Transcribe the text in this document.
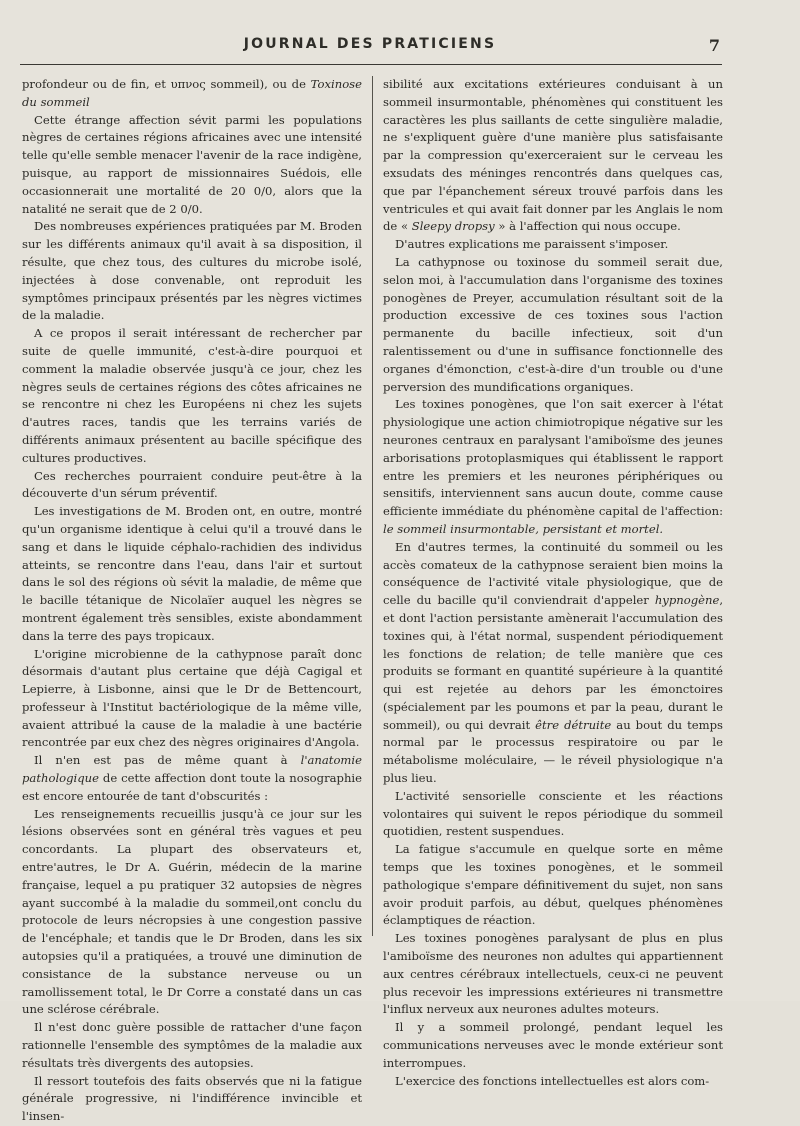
JOURNAL DES PRATICIENS	7

profondeur ou de fin, et υπνος sommeil), ou de Toxinose du sommeil

Cette étrange affection sévit parmi les populations nègres de certaines régions africaines avec une intensité telle qu'elle semble menacer l'avenir de la race indigène, puisque, au rapport de missionnaires Suédois, elle occasionnerait une mortalité de 20 0/0, alors que la natalité ne serait que de 2 0/0.

Des nombreuses expériences pratiquées par M. Broden sur les différents animaux qu'il avait à sa disposition, il résulte, que chez tous, des cultures du microbe isolé, injectées à dose convenable, ont reproduit les symptômes principaux présentés par les nègres victimes de la maladie.

A ce propos il serait intéressant de rechercher par suite de quelle immunité, c'est-à-dire pourquoi et comment la maladie observée jusqu'à ce jour, chez les nègres seuls de certaines régions des côtes africaines ne se rencontre ni chez les Européens ni chez les sujets d'autres races, tandis que les terrains variés de différents animaux présentent au bacille spécifique des cultures productives.

Ces recherches pourraient conduire peut-être à la découverte d'un sérum préventif.

Les investigations de M. Broden ont, en outre, montré qu'un organisme identique à celui qu'il a trouvé dans le sang et dans le liquide céphalo-rachidien des individus atteints, se rencontre dans l'eau, dans l'air et surtout dans le sol des régions où sévit la maladie, de même que le bacille tétanique de Nicolaïer auquel les nègres se montrent également très sensibles, existe abondamment dans la terre des pays tropicaux.

L'origine microbienne de la cathypnose paraît donc désormais d'autant plus certaine que déjà Cagigal et Lepierre, à Lisbonne, ainsi que le Dr de Bettencourt, professeur à l'Institut bactériologique de la même ville, avaient attribué la cause de la maladie à une bactérie rencontrée par eux chez des nègres originaires d'Angola.

Il n'en est pas de même quant à l'anatomie pathologique de cette affection dont toute la nosographie est encore entourée de tant d'obscurités :

Les renseignements recueillis jusqu'à ce jour sur les lésions observées sont en général très vagues et peu concordants. La plupart des observateurs et, entre'autres, le Dr A. Guérin, médecin de la marine française, lequel a pu pratiquer 32 autopsies de nègres ayant succombé à la maladie du sommeil,ont conclu du protocole de leurs nécropsies à une congestion passive de l'encéphale; et tandis que le Dr Broden, dans les six autopsies qu'il a pratiquées, a trouvé une diminution de consistance de la substance nerveuse ou un ramollissement total, le Dr Corre a constaté dans un cas une sclérose cérébrale.

Il n'est donc guère possible de rattacher d'une façon rationnelle l'ensemble des symptômes de la maladie aux résultats très divergents des autopsies.

Il ressort toutefois des faits observés que ni la fatigue générale progressive, ni l'indifférence invincible et l'insen-

sibilité aux excitations extérieures conduisant à un sommeil insurmontable, phénomènes qui constituent les caractères les plus saillants de cette singulière maladie, ne s'expliquent guère d'une manière plus satisfaisante par la compression qu'exerceraient sur le cerveau les exsudats des méninges rencontrés dans quelques cas, que par l'épanchement séreux trouvé parfois dans les ventricules et qui avait fait donner par les Anglais le nom de « Sleepy dropsy » à l'affection qui nous occupe.

D'autres explications me paraissent s'imposer.

La cathypnose ou toxinose du sommeil serait due, selon moi, à l'accumulation dans l'organisme des toxines ponogènes de Preyer, accumulation résultant soit de la production excessive de ces toxines sous l'action permanente du bacille infectieux, soit d'un ralentissement ou d'une in suffisance fonctionnelle des organes d'émonction, c'est-à-dire d'un trouble ou d'une perversion des mundifications organiques.

Les toxines ponogènes, que l'on sait exercer à l'état physiologique une action chimiotropique négative sur les neurones centraux en paralysant l'amiboïsme des jeunes arborisations protoplasmiques qui établissent le rapport entre les premiers et les neurones périphériques ou sensitifs, interviennent sans aucun doute, comme cause efficiente immédiate du phénomène capital de l'affection: le sommeil insurmontable, persistant et mortel.

En d'autres termes, la continuité du sommeil ou les accès comateux de la cathypnose seraient bien moins la conséquence de l'activité vitale physiologique, que de celle du bacille qu'il conviendrait d'appeler hypnogène, et dont l'action persistante amènerait l'accumulation des toxines qui, à l'état normal, suspendent périodiquement les fonctions de relation; de telle manière que ces produits se formant en quantité supérieure à la quantité qui est rejetée au dehors par les émonctoires (spécialement par les poumons et par la peau, durant le sommeil), ou qui devrait être détruite au bout du temps normal par le processus respiratoire ou par le métabolisme moléculaire, — le réveil physiologique n'a plus lieu.

L'activité sensorielle consciente et les réactions volontaires qui suivent le repos périodique du sommeil quotidien, restent suspendues.

La fatigue s'accumule en quelque sorte en même temps que les toxines ponogènes, et le sommeil pathologique s'empare définitivement du sujet, non sans avoir produit parfois, au début, quelques phénomènes éclamptiques de réaction.

Les toxines ponogènes paralysant de plus en plus l'amiboïsme des neurones non adultes qui appartiennent aux centres cérébraux intellectuels, ceux-ci ne peuvent plus recevoir les impressions extérieures ni transmettre l'influx nerveux aux neurones adultes moteurs.

Il y a sommeil prolongé, pendant lequel les communications nerveuses avec le monde extérieur sont interrompues.

L'exercice des fonctions intellectuelles est alors com-
